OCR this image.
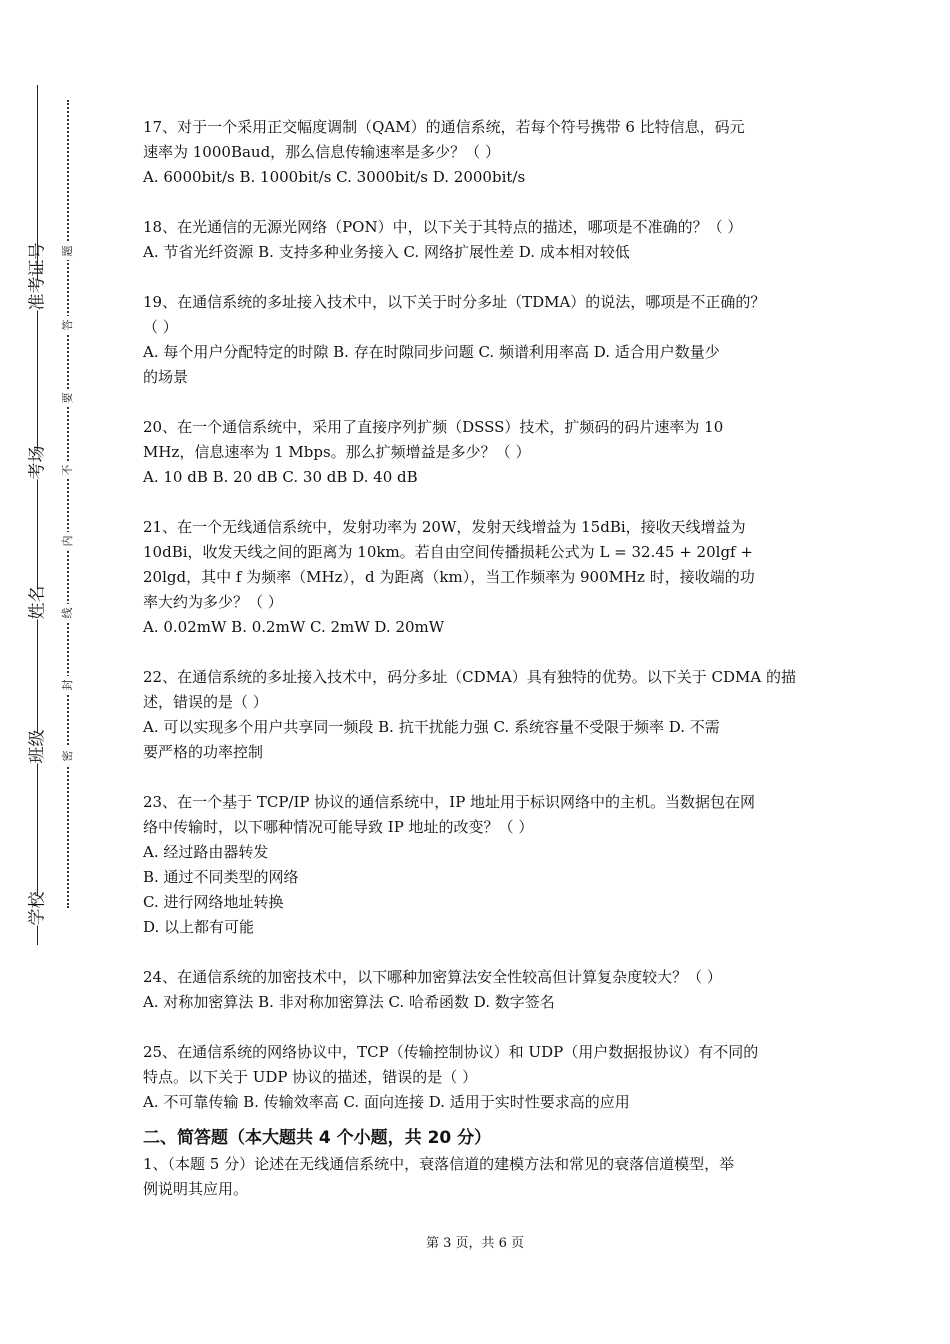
准考证号
考场
姓名
班级
学校
题
答
要
不
内
线
封
密

17、对于一个采用正交幅度调制（QAM）的通信系统，若每个符号携带 6 比特信息，码元

速率为 1000Baud，那么信息传输速率是多少？（ ）

A. 6000bit/s B. 1000bit/s C. 3000bit/s D. 2000bit/s

18、在光通信的无源光网络（PON）中，以下关于其特点的描述，哪项是不准确的？（ ）

A. 节省光纤资源 B. 支持多种业务接入 C. 网络扩展性差 D. 成本相对较低

19、在通信系统的多址接入技术中，以下关于时分多址（TDMA）的说法，哪项是不正确的？

（ ）

A. 每个用户分配特定的时隙 B. 存在时隙同步问题 C. 频谱利用率高 D. 适合用户数量少

的场景

20、在一个通信系统中，采用了直接序列扩频（DSSS）技术，扩频码的码片速率为 10

MHz，信息速率为 1 Mbps。那么扩频增益是多少？（ ）

A. 10 dB B. 20 dB C. 30 dB D. 40 dB

21、在一个无线通信系统中，发射功率为 20W，发射天线增益为 15dBi，接收天线增益为

10dBi，收发天线之间的距离为 10km。若自由空间传播损耗公式为 L = 32.45 + 20lgf +

20lgd，其中 f 为频率（MHz），d 为距离（km），当工作频率为 900MHz 时，接收端的功

率大约为多少？（ ）

A. 0.02mW B. 0.2mW C. 2mW D. 20mW

22、在通信系统的多址接入技术中，码分多址（CDMA）具有独特的优势。以下关于 CDMA 的描

述，错误的是（ ）

A. 可以实现多个用户共享同一频段 B. 抗干扰能力强 C. 系统容量不受限于频率 D. 不需

要严格的功率控制

23、在一个基于 TCP/IP 协议的通信系统中，IP 地址用于标识网络中的主机。当数据包在网

络中传输时，以下哪种情况可能导致 IP 地址的改变？（ ）

A. 经过路由器转发

B. 通过不同类型的网络

C. 进行网络地址转换

D. 以上都有可能

24、在通信系统的加密技术中，以下哪种加密算法安全性较高但计算复杂度较大？（ ）

A. 对称加密算法 B. 非对称加密算法 C. 哈希函数 D. 数字签名

25、在通信系统的网络协议中，TCP（传输控制协议）和 UDP（用户数据报协议）有不同的

特点。以下关于 UDP 协议的描述，错误的是（ ）

A. 不可靠传输 B. 传输效率高 C. 面向连接 D. 适用于实时性要求高的应用

二、简答题（本大题共 4 个小题，共 20 分）

1、（本题 5 分）论述在无线通信系统中，衰落信道的建模方法和常见的衰落信道模型，举

例说明其应用。

第 3 页，共 6 页
